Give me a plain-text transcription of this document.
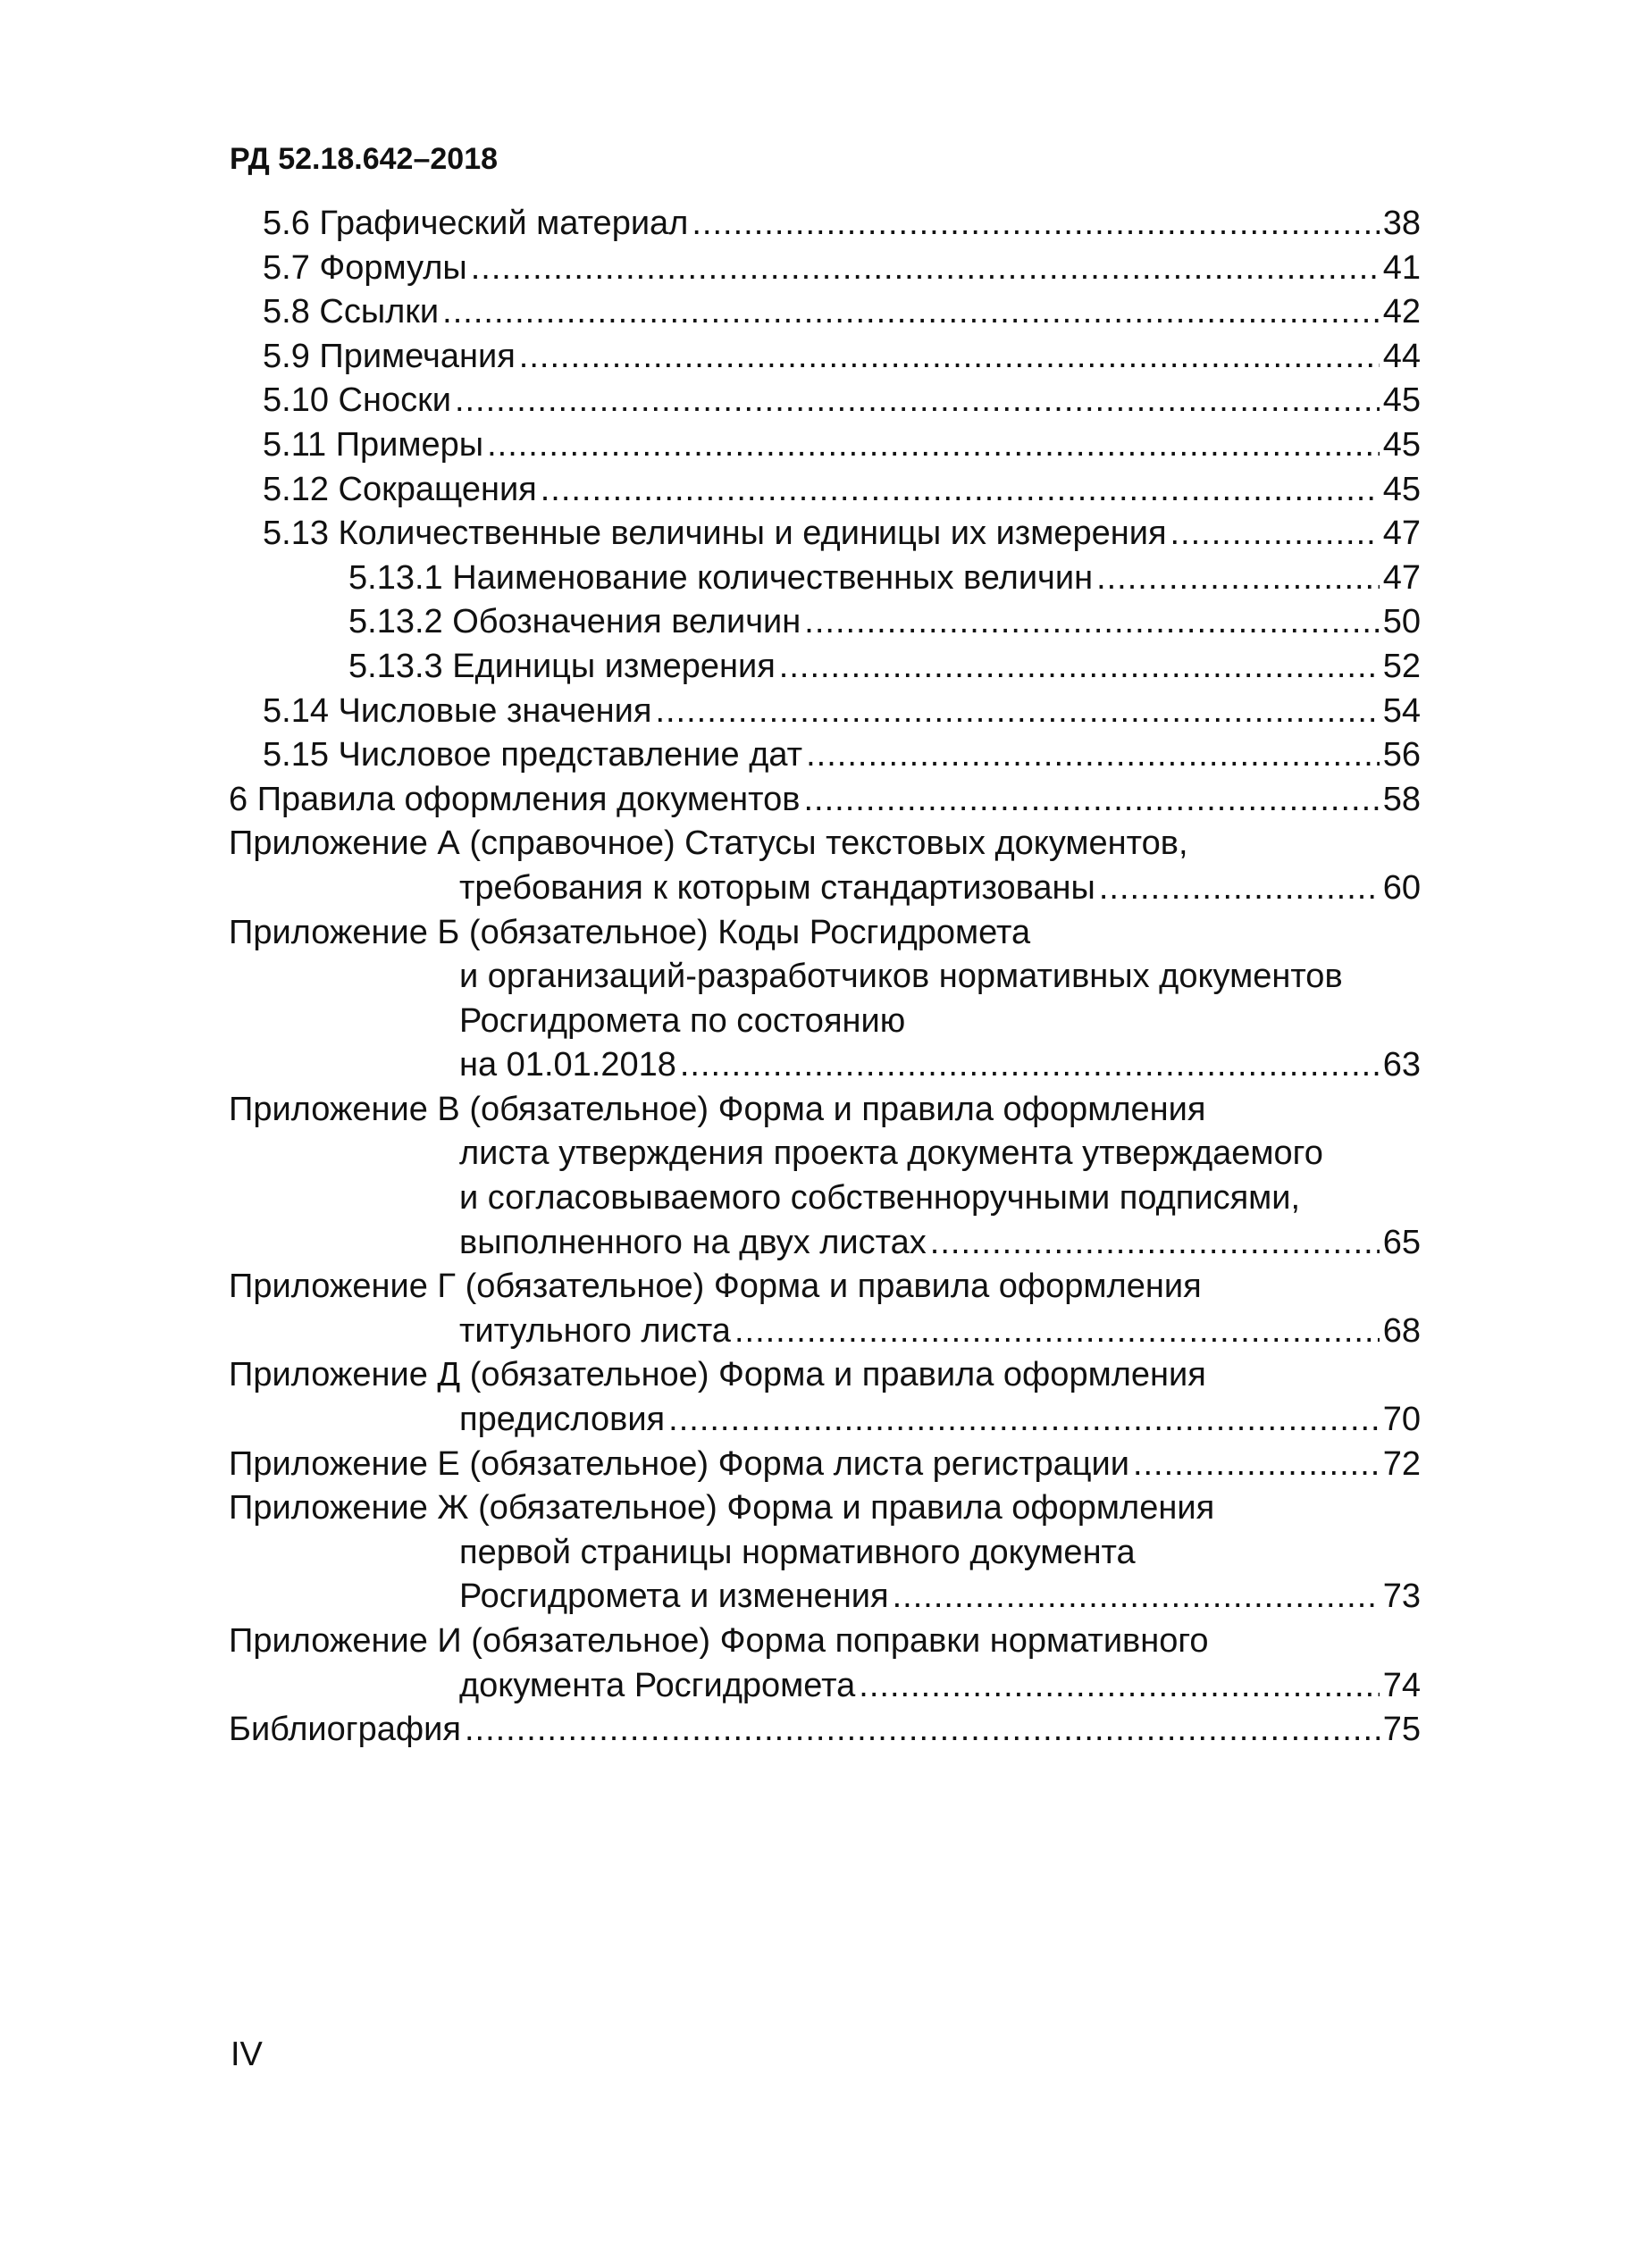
РД 52.18.642–2018
5.6 Графический материал .....	38
5.7 Формулы .....	41
5.8 Ссылки .....	42
5.9 Примечания .....	44
5.10 Сноски .....	45
5.11 Примеры .....	45
5.12 Сокращения .....	45
5.13 Количественные величины и единицы их измерения .....	47
5.13.1 Наименование количественных величин .....	47
5.13.2 Обозначения величин .....	50
5.13.3 Единицы измерения .....	52
5.14 Числовые значения .....	54
5.15 Числовое представление дат .....	56
6 Правила оформления документов .....	58
Приложение А (справочное) Статусы текстовых документов,
требования к которым стандартизованы .....	60
Приложение Б (обязательное) Коды Росгидромета
и организаций-разработчиков нормативных документов
Росгидромета по состоянию
на 01.01.2018 .....	63
Приложение В (обязательное) Форма и правила оформления
листа утверждения проекта документа утверждаемого
и согласовываемого собственноручными подписями,
выполненного на двух листах .....	65
Приложение Г (обязательное) Форма и правила оформления
титульного листа .....	68
Приложение Д (обязательное) Форма и правила оформления
предисловия .....	70
Приложение Е (обязательное) Форма листа регистрации .....	72
Приложение Ж (обязательное) Форма и правила оформления
первой страницы нормативного документа
Росгидромета и изменения .....	73
Приложение И (обязательное) Форма поправки нормативного
документа Росгидромета .....	74
Библиография .....	75
IV
